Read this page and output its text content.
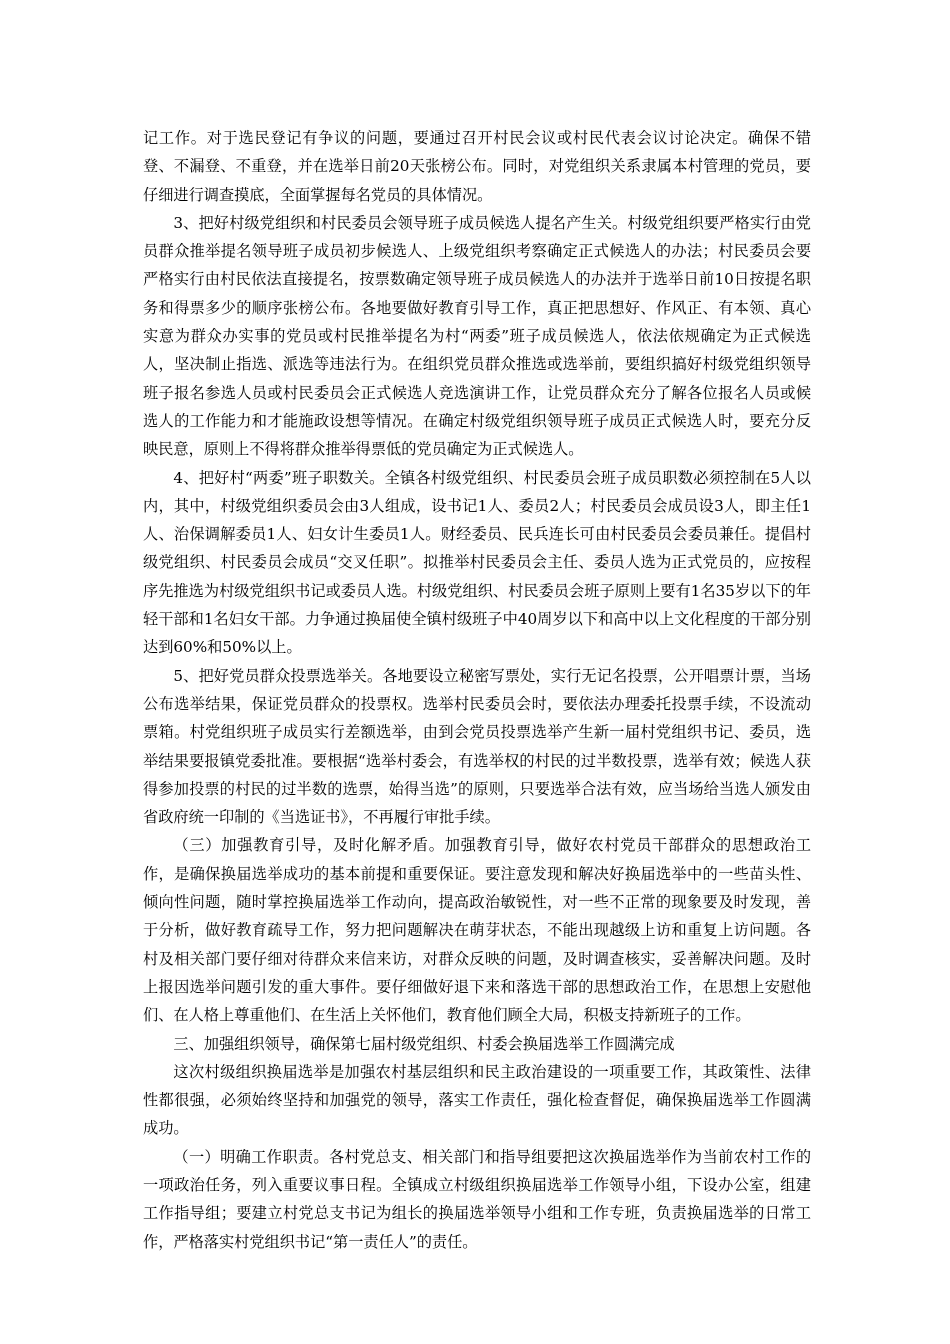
记工作。对于选民登记有争议的问题，要通过召开村民会议或村民代表会议讨论决定。确保不错登、不漏登、不重登，并在选举日前20天张榜公布。同时，对党组织关系隶属本村管理的党员，要仔细进行调查摸底，全面掌握每名党员的具体情况。

3、把好村级党组织和村民委员会领导班子成员候选人提名产生关。村级党组织要严格实行由党员群众推举提名领导班子成员初步候选人、上级党组织考察确定正式候选人的办法；村民委员会要严格实行由村民依法直接提名，按票数确定领导班子成员候选人的办法并于选举日前10日按提名职务和得票多少的顺序张榜公布。各地要做好教育引导工作，真正把思想好、作风正、有本领、真心实意为群众办实事的党员或村民推举提名为村“两委”班子成员候选人，依法依规确定为正式候选人，坚决制止指选、派选等违法行为。在组织党员群众推选或选举前，要组织搞好村级党组织领导班子报名参选人员或村民委员会正式候选人竞选演讲工作，让党员群众充分了解各位报名人员或候选人的工作能力和才能施政设想等情况。在确定村级党组织领导班子成员正式候选人时，要充分反映民意，原则上不得将群众推举得票低的党员确定为正式候选人。

4、把好村“两委”班子职数关。全镇各村级党组织、村民委员会班子成员职数必须控制在5人以内，其中，村级党组织委员会由3人组成，设书记1人、委员2人；村民委员会成员设3人，即主任1人、治保调解委员1人、妇女计生委员1人。财经委员、民兵连长可由村民委员会委员兼任。提倡村级党组织、村民委员会成员“交叉任职”。拟推举村民委员会主任、委员人选为正式党员的，应按程序先推选为村级党组织书记或委员人选。村级党组织、村民委员会班子原则上要有1名35岁以下的年轻干部和1名妇女干部。力争通过换届使全镇村级班子中40周岁以下和高中以上文化程度的干部分别达到60%和50%以上。

5、把好党员群众投票选举关。各地要设立秘密写票处，实行无记名投票，公开唱票计票，当场公布选举结果，保证党员群众的投票权。选举村民委员会时，要依法办理委托投票手续，不设流动票箱。村党组织班子成员实行差额选举，由到会党员投票选举产生新一届村党组织书记、委员，选举结果要报镇党委批准。要根据“选举村委会，有选举权的村民的过半数投票，选举有效；候选人获得参加投票的村民的过半数的选票，始得当选”的原则，只要选举合法有效，应当场给当选人颁发由省政府统一印制的《当选证书》，不再履行审批手续。

（三）加强教育引导，及时化解矛盾。加强教育引导，做好农村党员干部群众的思想政治工作，是确保换届选举成功的基本前提和重要保证。要注意发现和解决好换届选举中的一些苗头性、倾向性问题，随时掌控换届选举工作动向，提高政治敏锐性，对一些不正常的现象要及时发现，善于分析，做好教育疏导工作，努力把问题解决在萌芽状态，不能出现越级上访和重复上访问题。各村及相关部门要仔细对待群众来信来访，对群众反映的问题，及时调查核实，妥善解决问题。及时上报因选举问题引发的重大事件。要仔细做好退下来和落选干部的思想政治工作，在思想上安慰他们、在人格上尊重他们、在生活上关怀他们，教育他们顾全大局，积极支持新班子的工作。

三、加强组织领导，确保第七届村级党组织、村委会换届选举工作圆满完成

这次村级组织换届选举是加强农村基层组织和民主政治建设的一项重要工作，其政策性、法律性都很强，必须始终坚持和加强党的领导，落实工作责任，强化检查督促，确保换届选举工作圆满成功。

（一）明确工作职责。各村党总支、相关部门和指导组要把这次换届选举作为当前农村工作的一项政治任务，列入重要议事日程。全镇成立村级组织换届选举工作领导小组，下设办公室，组建工作指导组；要建立村党总支书记为组长的换届选举领导小组和工作专班，负责换届选举的日常工作，严格落实村党组织书记“第一责任人”的责任。
